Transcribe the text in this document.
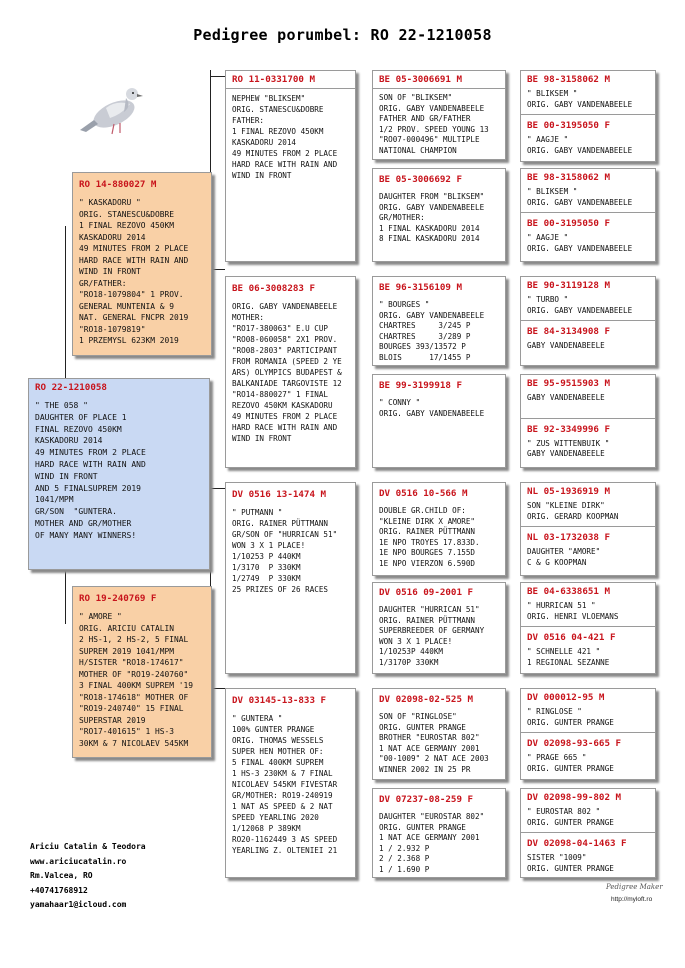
Pedigree porumbel: RO 22-1210058
RO 22-1210058
" THE 058 "
DAUGHTER OF PLACE 1
FINAL REZOVO 450KM
KASKADORU 2014
49 MINUTES FROM 2 PLACE
HARD RACE WITH RAIN AND
WIND IN FRONT
AND 5 FINALSUPREM 2019
1041/MPM
GR/SON  "GUNTERA.
MOTHER AND GR/MOTHER
OF MANY MANY WINNERS!
RO 14-880027 M
" KASKADORU "
ORIG. STANESCU&DOBRE
1 FINAL REZOVO 450KM
KASKADORU 2014
49 MINUTES FROM 2 PLACE
HARD RACE WITH RAIN AND
WIND IN FRONT
GR/FATHER:
"RO18-1079804" 1 PROV.
GENERAL MUNTENIA & 9
NAT. GENERAL FNCPR 2019
"RO18-1079819"
1 PRZEMYSL 623KM 2019
RO 19-240769 F
" AMORE "
ORIG. ARICIU CATALIN
2 HS-1, 2 HS-2, 5 FINAL
SUPREM 2019 1041/MPM
H/SISTER "RO18-174617"
MOTHER OF "RO19-240760"
3 FINAL 400KM SUPREM '19
"RO18-174618" MOTHER OF
"RO19-240740" 15 FINAL
SUPERSTAR 2019
"RO17-401615" 1 HS-3
30KM & 7 NICOLAEV 545KM
RO 11-0331700 M
NEPHEW "BLIKSEM"
ORIG. STANESCU&DOBRE
FATHER:
1 FINAL REZOVO 450KM
KASKADORU 2014
49 MINUTES FROM 2 PLACE
HARD RACE WITH RAIN AND
WIND IN FRONT
BE 06-3008283 F
ORIG. GABY VANDENABEELE
MOTHER:
"RO17-380063" E.U CUP
"RO08-060058" 2X1 PROV.
"RO08-2803" PARTICIPANT
FROM ROMANIA (SPEED 2 YE
ARS) OLYMPICS BUDAPEST &
BALKANIADE TARGOVISTE 12
"RO14-880027" 1 FINAL
REZOVO 450KM KASKADORU
49 MINUTES FROM 2 PLACE
HARD RACE WITH RAIN AND
WIND IN FRONT
DV 0516 13-1474 M
" PUTMANN "
ORIG. RAINER PÜTTMANN
GR/SON OF "HURRICAN 51"
WON 3 X 1 PLACE!
1/10253 P 440KM
1/3170  P 330KM
1/2749  P 330KM
25 PRIZES OF 26 RACES
DV 03145-13-833 F
" GUNTERA "
100% GUNTER PRANGE
ORIG. THOMAS WESSELS
SUPER HEN MOTHER OF:
5 FINAL 400KM SUPREM
1 HS-3 230KM & 7 FINAL
NICOLAEV 545KM FIVESTAR
GR/MOTHER: RO19-240919
1 NAT AS SPEED & 2 NAT
SPEED YEARLING 2020
1/12068 P 389KM
RO20-1162449 3 AS SPEED
YEARLING Z. OLTENIEI 21
BE 05-3006691 M
SON OF "BLIKSEM"
ORIG. GABY VANDENABEELE
FATHER AND GR/FATHER
1/2 PROV. SPEED YOUNG 13
"RO07-000496" MULTIPLE
NATIONAL CHAMPION
BE 05-3006692 F
DAUGHTER FROM "BLIKSEM"
ORIG. GABY VANDENABEELE
GR/MOTHER:
1 FINAL KASKADORU 2014
8 FINAL KASKADORU 2014
BE 96-3156109 M
" BOURGES "
ORIG. GABY VANDENABEELE
CHARTRES     3/245 P
CHARTRES     3/289 P
BOURGES 393/13572 P
BLOIS      17/1455 P
BE 99-3199918 F
" CONNY "
ORIG. GABY VANDENABEELE
DV 0516 10-566 M
DOUBLE GR.CHILD OF:
"KLEINE DIRK X AMORE"
ORIG. RAINER PÜTTMANN
1E NPO TROYES 17.833D.
1E NPO BOURGES 7.155D
1E NPO VIERZON 6.590D
DV 0516 09-2001 F
DAUGHTER "HURRICAN 51"
ORIG. RAINER PÜTTMANN
SUPERBREEDER OF GERMANY
WON 3 X 1 PLACE!
1/10253P 440KM
1/3170P 330KM
DV 02098-02-525 M
SON OF "RINGLOSE"
ORIG. GUNTER PRANGE
BROTHER "EUROSTAR 802"
1 NAT ACE GERMANY 2001
"00-1009" 2 NAT ACE 2003
WINNER 2002 IN 25 PR
DV 07237-08-259 F
DAUGHTER "EUROSTAR 802"
ORIG. GUNTER PRANGE
1 NAT ACE GERMANY 2001
1 / 2.932 P
2 / 2.368 P
1 / 1.690 P
BE 98-3158062 M
" BLIKSEM "
ORIG. GABY VANDENABEELE
BE 00-3195050 F
" AAGJE "
ORIG. GABY VANDENABEELE
BE 98-3158062 M
" BLIKSEM "
ORIG. GABY VANDENABEELE
BE 00-3195050 F
" AAGJE "
ORIG. GABY VANDENABEELE
BE 90-3119128 M
" TURBO "
ORIG. GABY VANDENABEELE
BE 84-3134908 F
GABY VANDENABEELE
BE 95-9515903 M
GABY VANDENABEELE
BE 92-3349996 F
" ZUS WITTENBUIK "
GABY VANDENABEELE
NL 05-1936919 M
SON "KLEINE DIRK"
ORIG. GERARD KOOPMAN
NL 03-1732038 F
DAUGHTER "AMORE"
C & G KOOPMAN
BE 04-6338651 M
" HURRICAN 51 "
ORIG. HENRI VLOEMANS
DV 0516 04-421 F
" SCHNELLE 421 "
1 REGIONAL SEZANNE
DV 000012-95 M
" RINGLOSE "
ORIG. GUNTER PRANGE
DV 02098-93-665 F
" PRAGE 665 "
ORIG. GUNTER PRANGE
DV 02098-99-802 M
" EUROSTAR 802 "
ORIG. GUNTER PRANGE
DV 02098-04-1463 F
SISTER "1009"
ORIG. GUNTER PRANGE
Ariciu Catalin & Teodora
www.ariciucatalin.ro
Rm.Valcea, RO
+40741768912
yamahaar1@icloud.com
Pedigree Maker
http://myloft.ro
